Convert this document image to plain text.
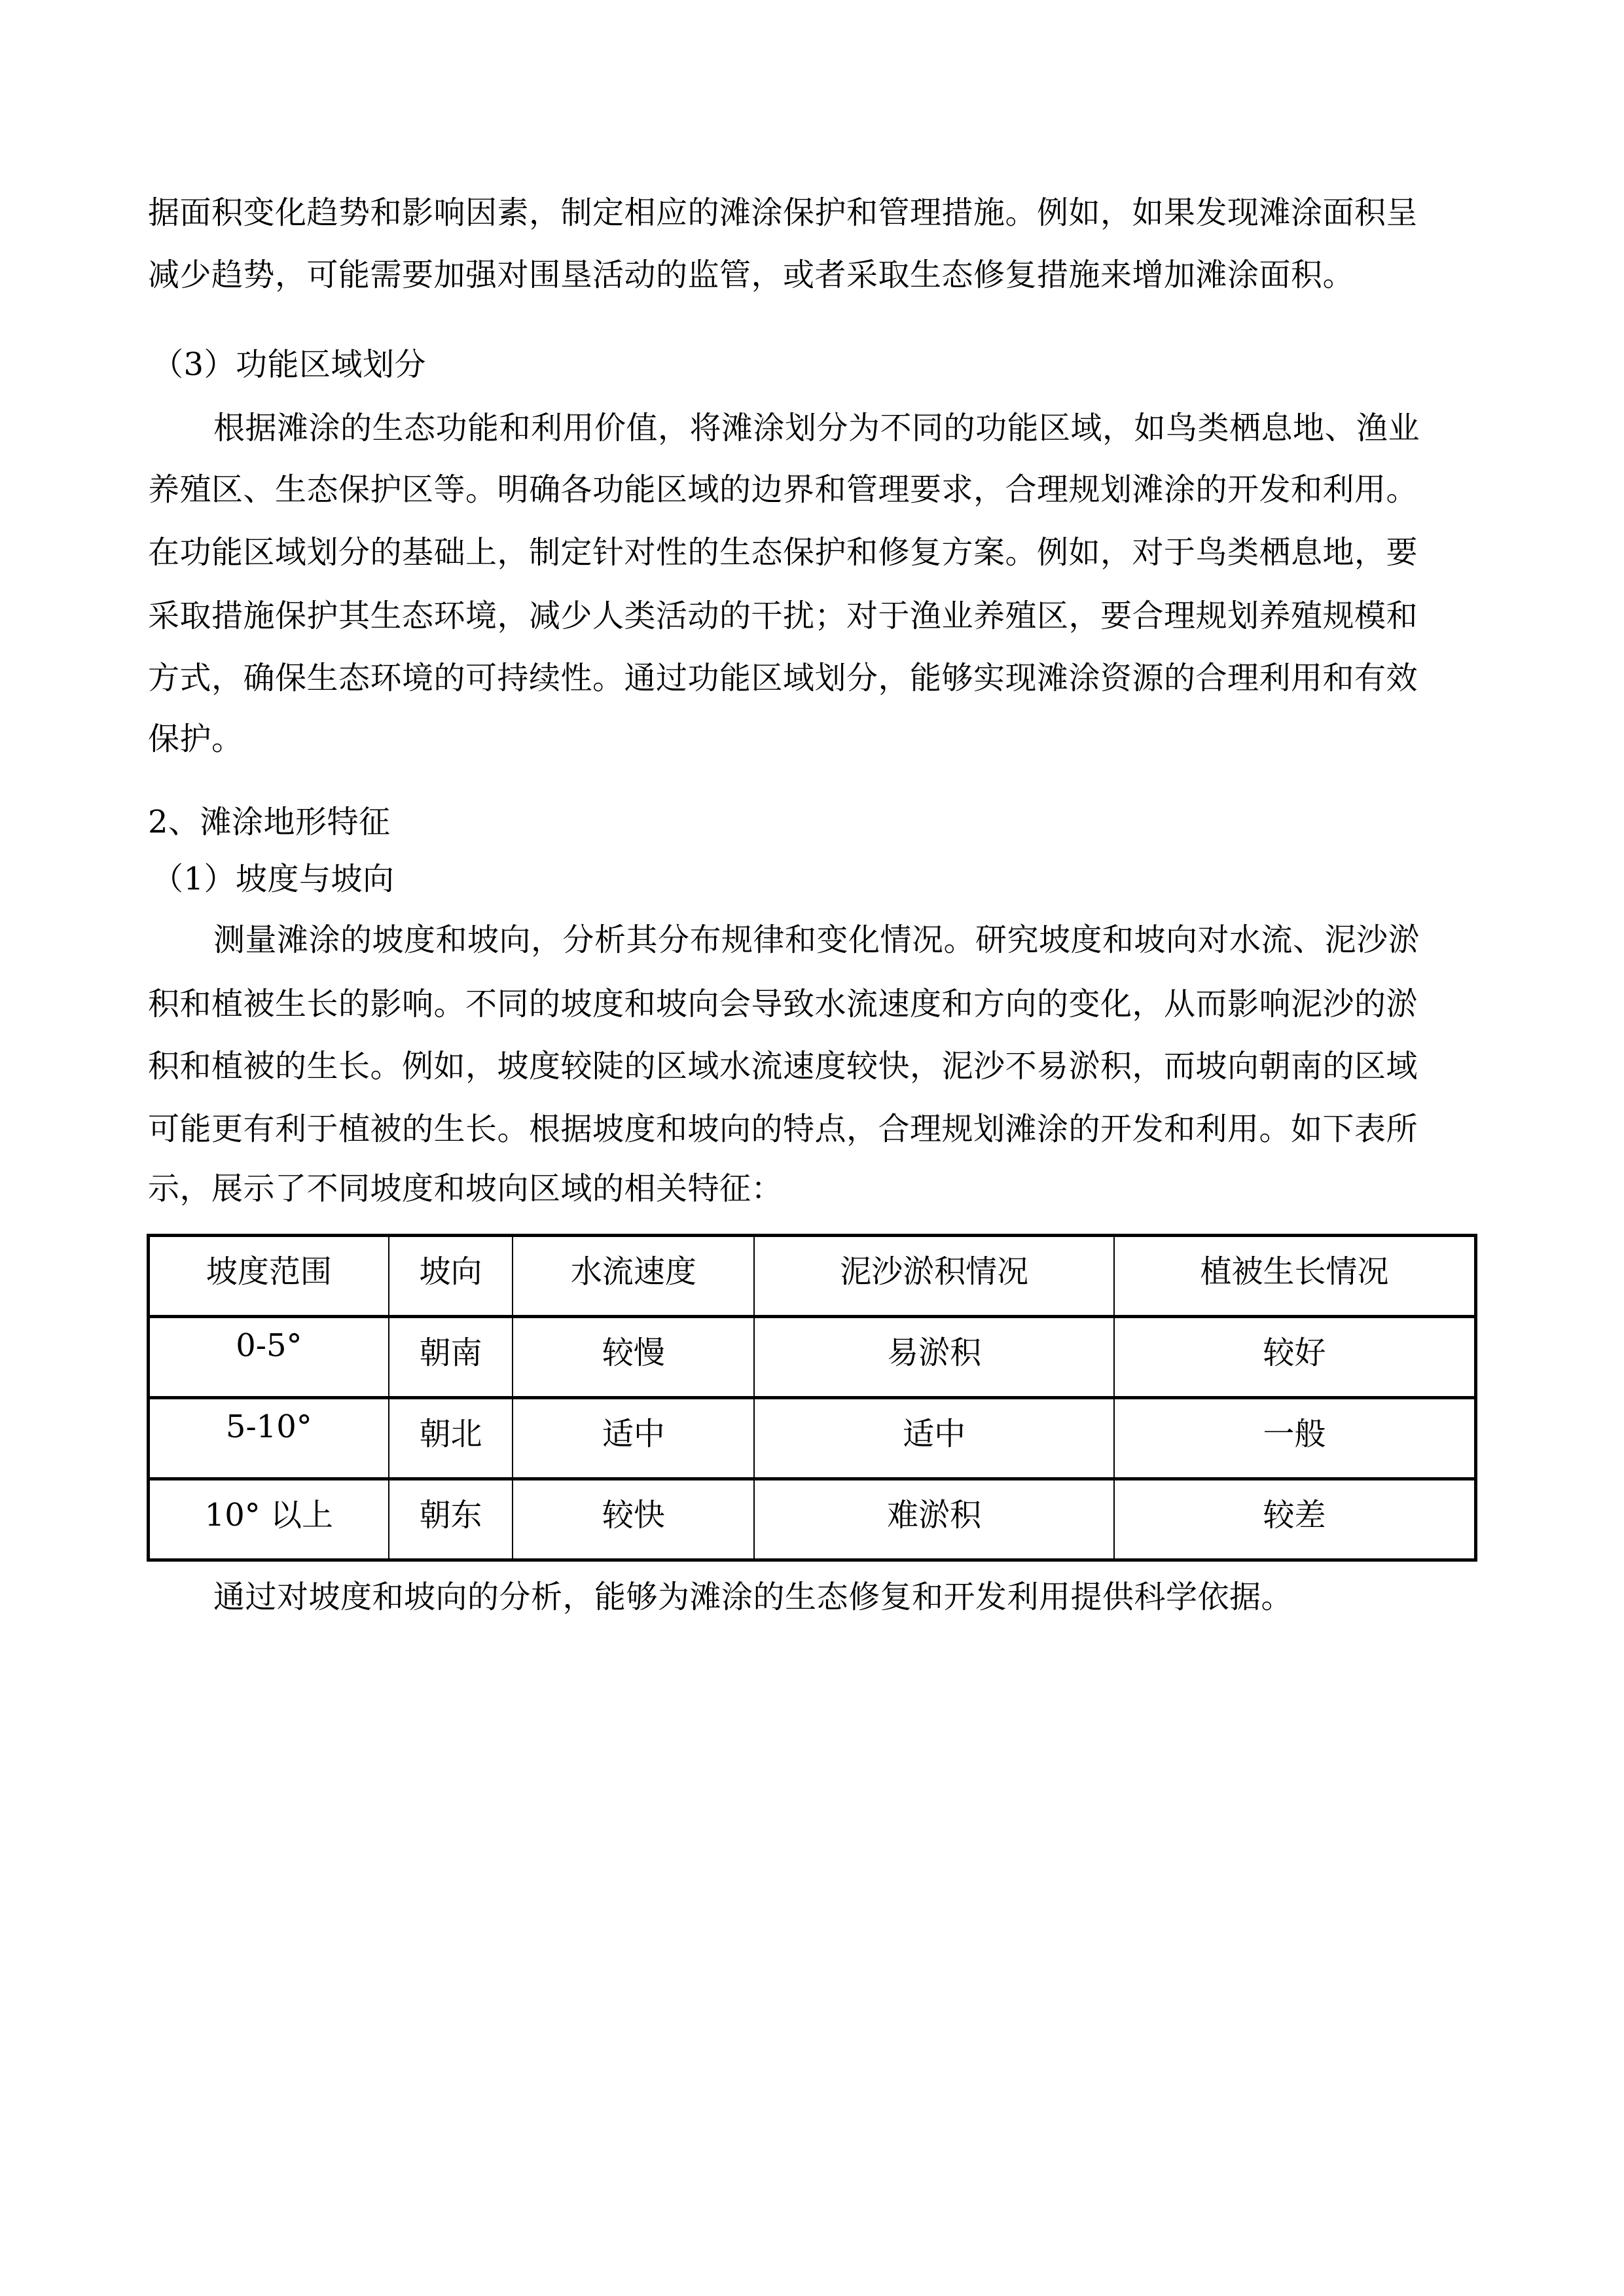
据面积变化趋势和影响因素，制定相应的滩涂保护和管理措施。例如，如果发现滩涂面积呈
减少趋势，可能需要加强对围垦活动的监管，或者采取生态修复措施来增加滩涂面积。
（3）功能区域划分
根据滩涂的生态功能和利用价值，将滩涂划分为不同的功能区域，如鸟类栖息地、渔业
养殖区、生态保护区等。明确各功能区域的边界和管理要求，合理规划滩涂的开发和利用。
在功能区域划分的基础上，制定针对性的生态保护和修复方案。例如，对于鸟类栖息地，要
采取措施保护其生态环境，减少人类活动的干扰；对于渔业养殖区，要合理规划养殖规模和
方式，确保生态环境的可持续性。通过功能区域划分，能够实现滩涂资源的合理利用和有效
保护。
2、滩涂地形特征
（1）坡度与坡向
测量滩涂的坡度和坡向，分析其分布规律和变化情况。研究坡度和坡向对水流、泥沙淤
积和植被生长的影响。不同的坡度和坡向会导致水流速度和方向的变化，从而影响泥沙的淤
积和植被的生长。例如，坡度较陡的区域水流速度较快，泥沙不易淤积，而坡向朝南的区域
可能更有利于植被的生长。根据坡度和坡向的特点，合理规划滩涂的开发和利用。如下表所
示，展示了不同坡度和坡向区域的相关特征：
坡度范围	坡向	水流速度	泥沙淤积情况	植被生长情况
0-5°	朝南	较慢	易淤积	较好
5-10°	朝北	适中	适中	一般
10° 以上	朝东	较快	难淤积	较差
通过对坡度和坡向的分析，能够为滩涂的生态修复和开发利用提供科学依据。
